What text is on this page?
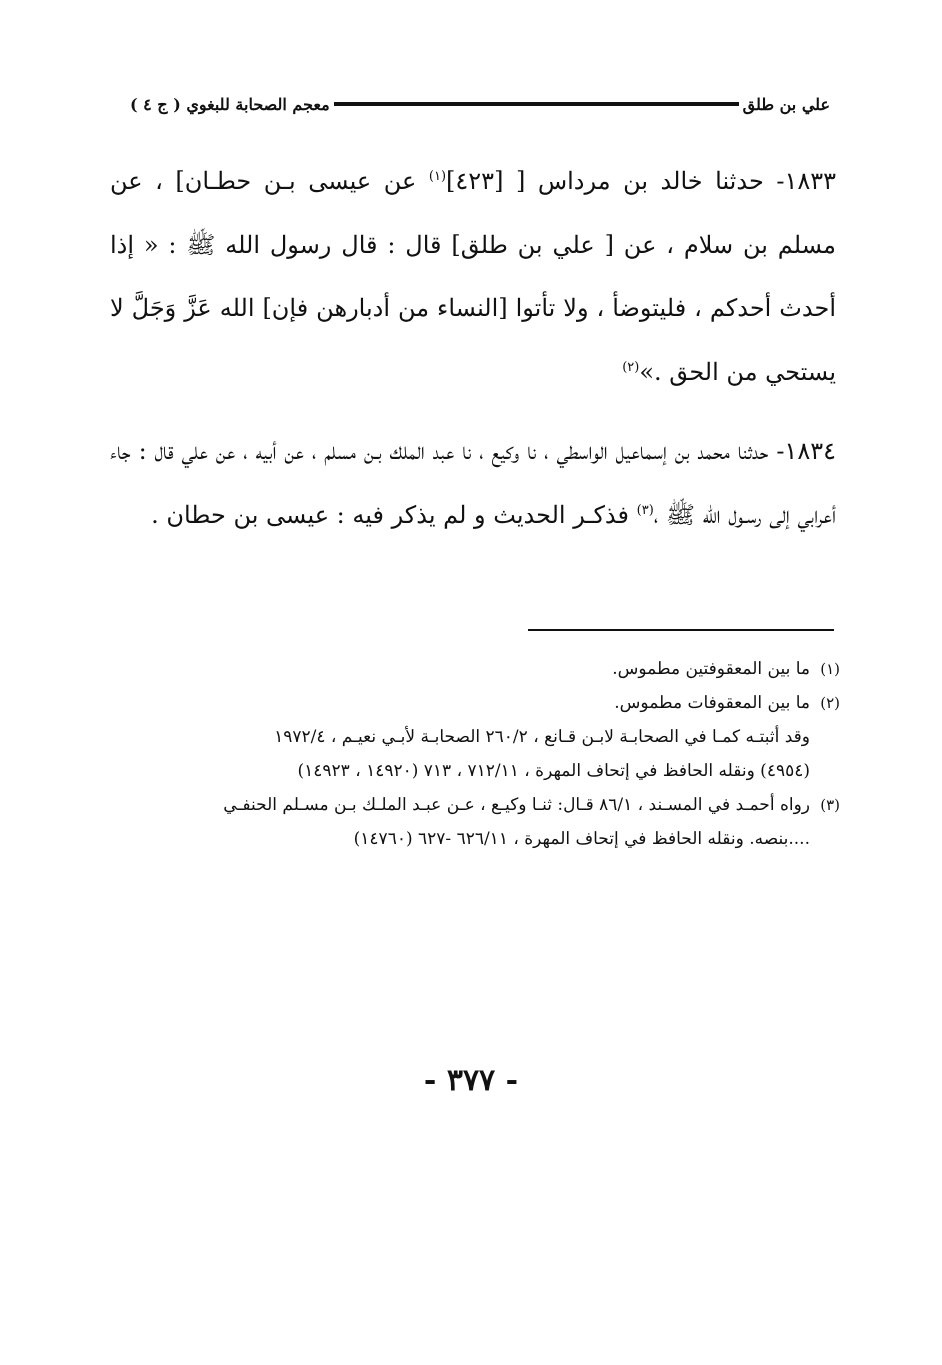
علي بن طلق
معجم الصحابة للبغوي ( ج ٤ )
١٨٣٣- حدثنا خالد بن مرداس [ [٤٢٣]$^{(١)}$ عن عيسى بـن حطـان] ، عن مسلم بن سلام ، عن [ علي بن طلق] قال : قال رسول الله ﷺ : « إذا أحدث أحدكم ، فليتوضأ ، ولا تأتوا [النساء من أدبارهن فإن] الله عَزَّ وَجَلَّ لا يستحي من الحق .»$^{(٢)}$
١٨٣٤- حدثنا محمد بن إسماعيل الواسطي ، نا وكيع ، نا عبد الملك بـن مسلم ، عن أبيه ، عن علي قال : جاء أعرابي إلى رسـول الله ﷺ ،$^{(٣)}$ فذكـر الحديث و لم يذكر فيه : عيسى بن حطان .
(١)
ما بين المعقوفتين مطموس.
(٢)
ما بين المعقوفات مطموس.
وقد أثبتـه كمـا في الصحابـة لابـن قـانع ، ٢٦٠/٢ الصحابـة لأبـي نعيـم ، ١٩٧٢/٤
(٤٩٥٤) ونقله الحافظ في إتحاف المهرة ، ٧١٢/١١ ، ٧١٣ (١٤٩٢٠ ، ١٤٩٢٣)
(٣)
رواه أحمـد في المسـند ، ٨٦/١ قـال: ثنـا وكيـع ، عـن عبـد الملـك بـن مسـلم الحنفـي
....بنصه. ونقله الحافظ في إتحاف المهرة ، ٦٢٦/١١ -٦٢٧ (١٤٧٦٠)
- ٣٧٧ -
